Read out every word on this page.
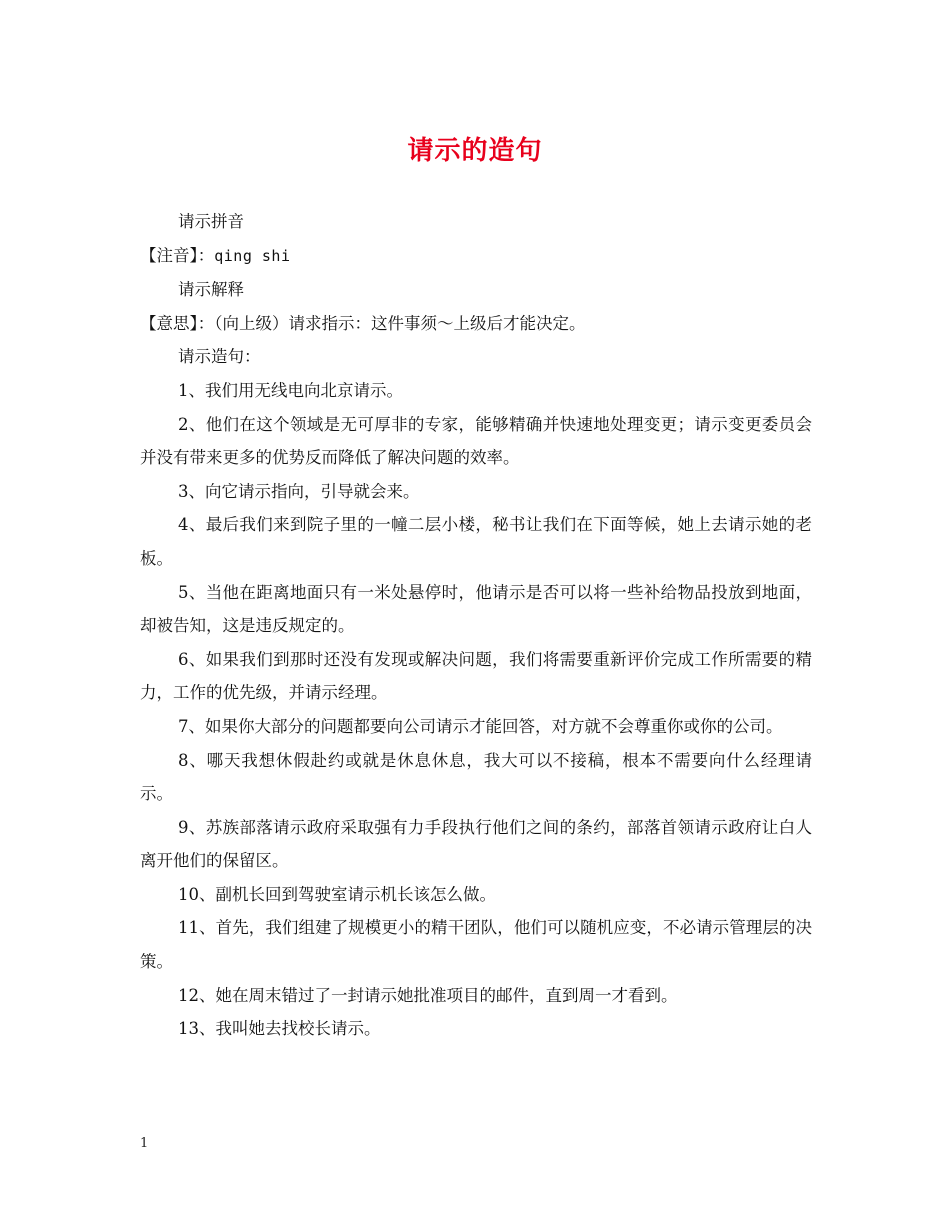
请示的造句

请示拼音

【注音】：qing shi

请示解释

【意思】：（向上级）请求指示：这件事须～上级后才能决定。

请示造句：

1、我们用无线电向北京请示。

2、他们在这个领域是无可厚非的专家，能够精确并快速地处理变更；请示变更委员会并没有带来更多的优势反而降低了解决问题的效率。

3、向它请示指向，引导就会来。

4、最后我们来到院子里的一幢二层小楼，秘书让我们在下面等候，她上去请示她的老板。

5、当他在距离地面只有一米处悬停时，他请示是否可以将一些补给物品投放到地面，却被告知，这是违反规定的。

6、如果我们到那时还没有发现或解决问题，我们将需要重新评价完成工作所需要的精力，工作的优先级，并请示经理。

7、如果你大部分的问题都要向公司请示才能回答，对方就不会尊重你或你的公司。

8、哪天我想休假赴约或就是休息休息，我大可以不接稿，根本不需要向什么经理请示。

9、苏族部落请示政府采取强有力手段执行他们之间的条约，部落首领请示政府让白人离开他们的保留区。

10、副机长回到驾驶室请示机长该怎么做。

11、首先，我们组建了规模更小的精干团队，他们可以随机应变，不必请示管理层的决策。

12、她在周末错过了一封请示她批准项目的邮件，直到周一才看到。

13、我叫她去找校长请示。

1
